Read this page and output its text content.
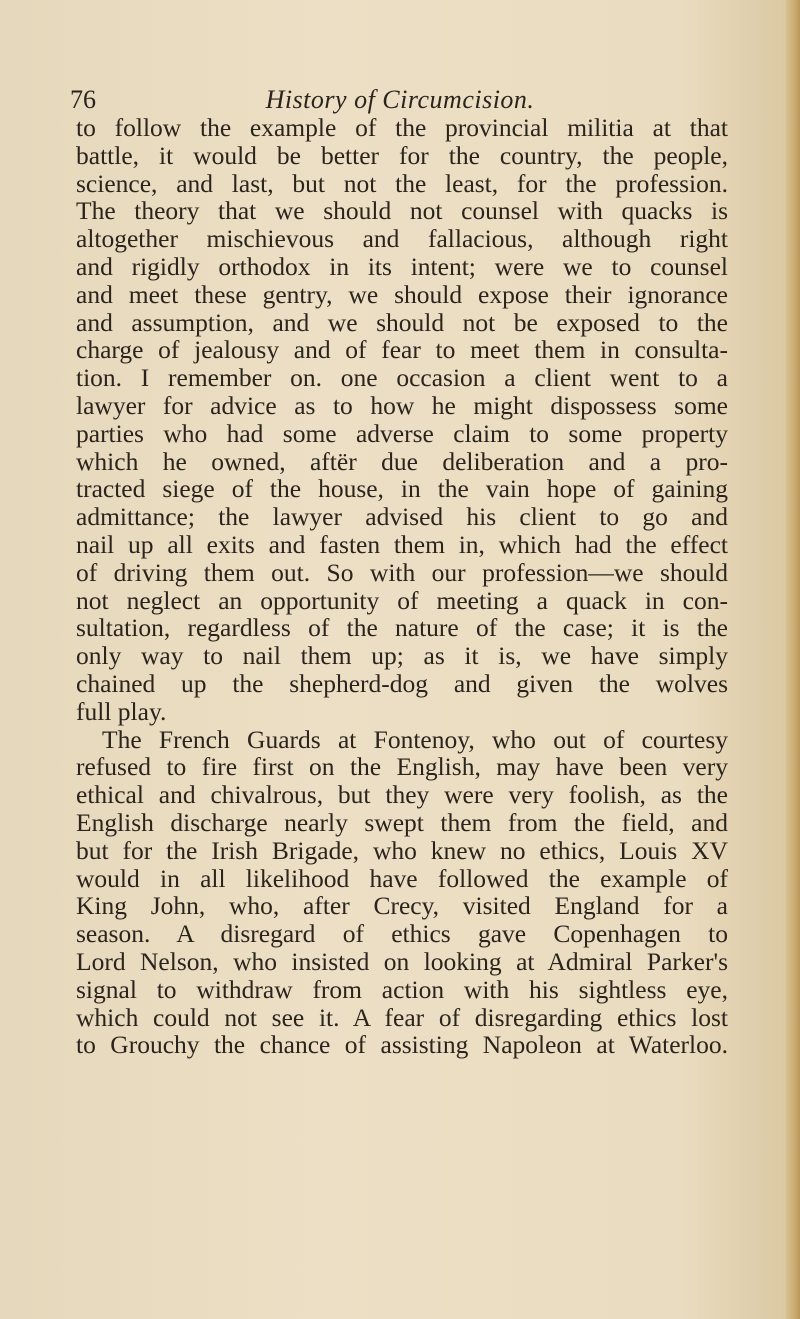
76	History of Circumcision.
to follow the example of the provincial militia at that
battle, it would be better for the country, the people,
science, and last, but not the least, for the profession.
The theory that we should not counsel with quacks is
altogether mischievous and fallacious, although right
and rigidly orthodox in its intent; were we to counsel
and meet these gentry, we should expose their ignorance
and assumption, and we should not be exposed to the
charge of jealousy and of fear to meet them in consulta-
tion. I remember on. one occasion a client went to a
lawyer for advice as to how he might dispossess some
parties who had some adverse claim to some property
which he owned, aftër due deliberation and a pro-
tracted siege of the house, in the vain hope of gaining
admittance; the lawyer advised his client to go and
nail up all exits and fasten them in, which had the effect
of driving them out. So with our profession—we should
not neglect an opportunity of meeting a quack in con-
sultation, regardless of the nature of the case; it is the
only way to nail them up; as it is, we have simply
chained up the shepherd-dog and given the wolves
full play.
The French Guards at Fontenoy, who out of courtesy
refused to fire first on the English, may have been very
ethical and chivalrous, but they were very foolish, as the
English discharge nearly swept them from the field, and
but for the Irish Brigade, who knew no ethics, Louis XV
would in all likelihood have followed the example of
King John, who, after Crecy, visited England for a
season. A disregard of ethics gave Copenhagen to
Lord Nelson, who insisted on looking at Admiral Parker's
signal to withdraw from action with his sightless eye,
which could not see it. A fear of disregarding ethics lost
to Grouchy the chance of assisting Napoleon at Waterloo.
